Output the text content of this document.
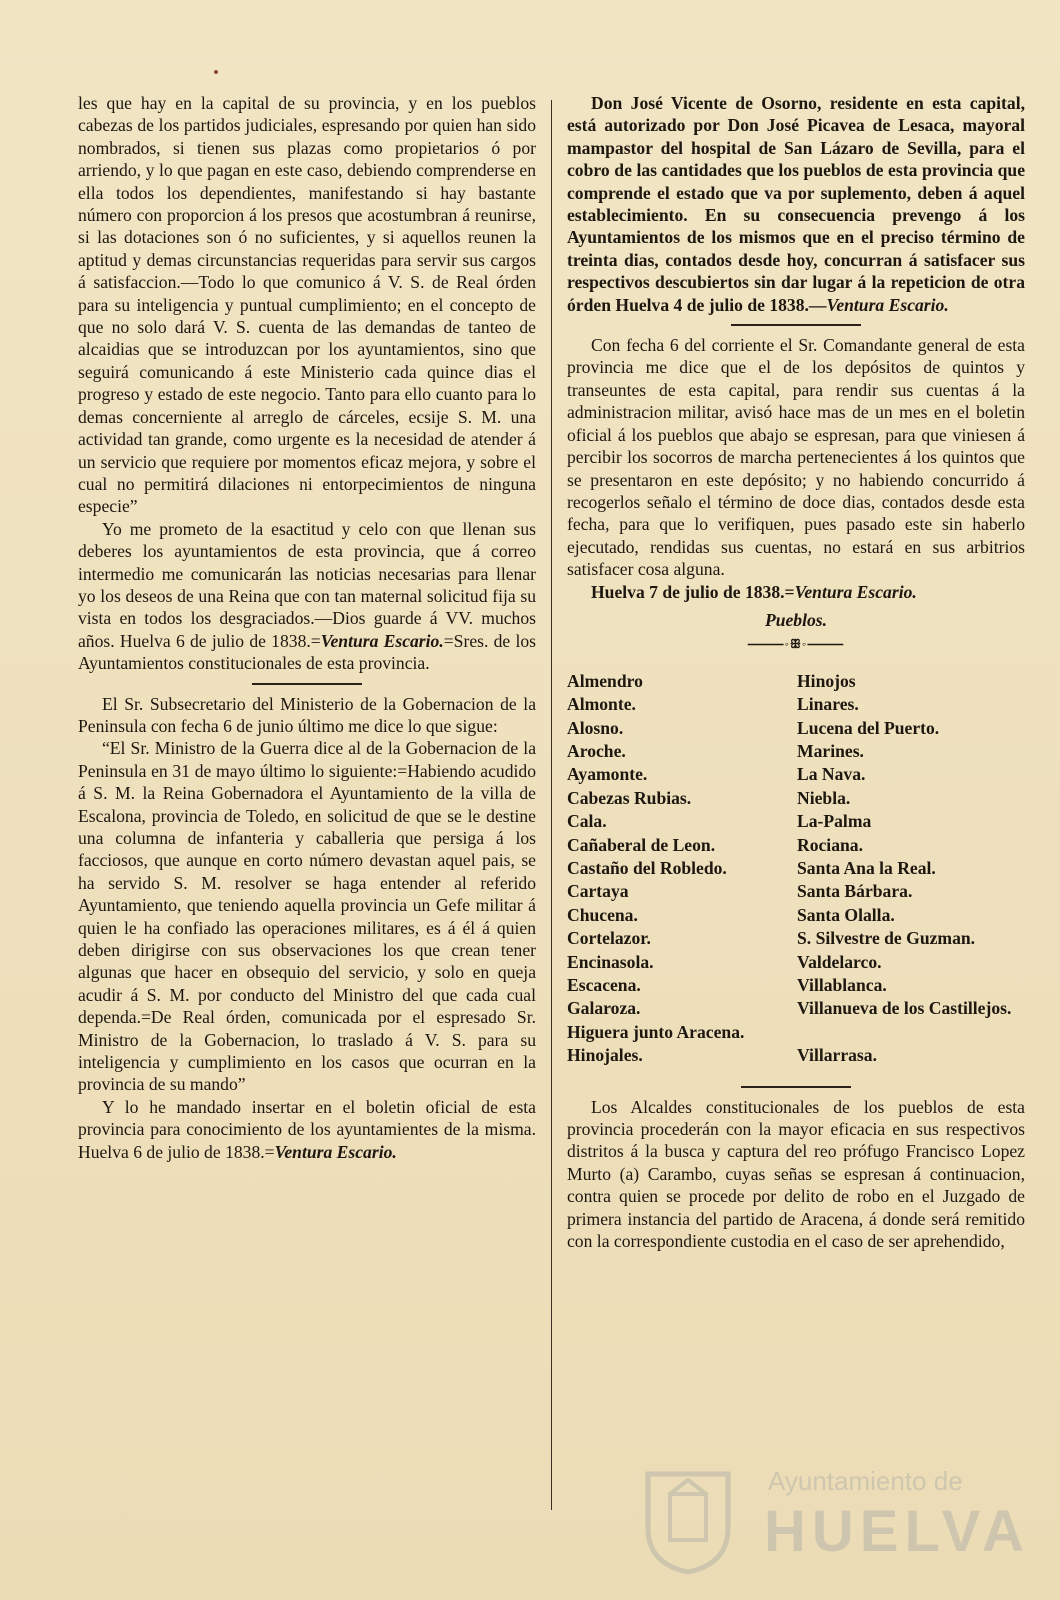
les que hay en la capital de su provincia, y en los pueblos cabezas de los partidos judiciales, espresando por quien han sido nombrados, si tienen sus plazas como propietarios ó por arriendo, y lo que pagan en este caso, debiendo comprenderse en ella todos los dependientes, manifestando si hay bastante número con proporcion á los presos que acostumbran á reunirse, si las dotaciones son ó no suficientes, y si aquellos reunen la aptitud y demas circunstancias requeridas para servir sus cargos á satisfaccion.—Todo lo que comunico á V. S. de Real órden para su inteligencia y puntual cumplimiento; en el concepto de que no solo dará V. S. cuenta de las demandas de tanteo de alcaidias que se introduzcan por los ayuntamientos, sino que seguirá comunicando á este Ministerio cada quince dias el progreso y estado de este negocio. Tanto para ello cuanto para lo demas concerniente al arreglo de cárceles, ecsije S. M. una actividad tan grande, como urgente es la necesidad de atender á un servicio que requiere por momentos eficaz mejora, y sobre el cual no permitirá dilaciones ni entorpecimientos de ninguna especie”

Yo me prometo de la esactitud y celo con que llenan sus deberes los ayuntamientos de esta provincia, que á correo intermedio me comunicarán las noticias necesarias para llenar yo los deseos de una Reina que con tan maternal solicitud fija su vista en todos los desgraciados.—Dios guarde á VV. muchos años. Huelva 6 de julio de 1838.=Ventura Escario.=Sres. de los Ayuntamientos constitucionales de esta provincia.

El Sr. Subsecretario del Ministerio de la Gobernacion de la Peninsula con fecha 6 de junio último me dice lo que sigue:

“El Sr. Ministro de la Guerra dice al de la Gobernacion de la Peninsula en 31 de mayo último lo siguiente:=Habiendo acudido á S. M. la Reina Gobernadora el Ayuntamiento de la villa de Escalona, provincia de Toledo, en solicitud de que se le destine una columna de infanteria y caballeria que persiga á los facciosos, que aunque en corto número devastan aquel pais, se ha servido S. M. resolver se haga entender al referido Ayuntamiento, que teniendo aquella provincia un Gefe militar á quien le ha confiado las operaciones militares, es á él á quien deben dirigirse con sus observaciones los que crean tener algunas que hacer en obsequio del servicio, y solo en queja acudir á S. M. por conducto del Ministro del que cada cual dependa.=De Real órden, comunicada por el espresado Sr. Ministro de la Gobernacion, lo traslado á V. S. para su inteligencia y cumplimiento en los casos que ocurran en la provincia de su mando”

Y lo he mandado insertar en el boletin oficial de esta provincia para conocimiento de los ayuntamientes de la misma. Huelva 6 de julio de 1838.=Ventura Escario.

Don José Vicente de Osorno, residente en esta capital, está autorizado por Don José Picavea de Lesaca, mayoral mampastor del hospital de San Lázaro de Sevilla, para el cobro de las cantidades que los pueblos de esta provincia que comprende el estado que va por suplemento, deben á aquel establecimiento. En su consecuencia prevengo á los Ayuntamientos de los mismos que en el preciso término de treinta dias, contados desde hoy, concurran á satisfacer sus respectivos descubiertos sin dar lugar á la repeticion de otra órden Huelva 4 de julio de 1838.—Ventura Escario.

Con fecha 6 del corriente el Sr. Comandante general de esta provincia me dice que el de los depósitos de quintos y transeuntes de esta capital, para rendir sus cuentas á la administracion militar, avisó hace mas de un mes en el boletin oficial á los pueblos que abajo se espresan, para que viniesen á percibir los socorros de marcha pertenecientes á los quintos que se presentaron en este depósito; y no habiendo concurrido á recogerlos señalo el término de doce dias, contados desde esta fecha, para que lo verifiquen, pues pasado este sin haberlo ejecutado, rendidas sus cuentas, no estará en sus arbitrios satisfacer cosa alguna.

Huelva 7 de julio de 1838.=Ventura Escario.

Pueblos.
⸻◦ꕥ◦⸻
Almendro	Hinojos
Almonte.	Linares.
Alosno.	Lucena del Puerto.
Aroche.	Marines.
Ayamonte.	La Nava.
Cabezas Rubias.	Niebla.
Cala.	La-Palma
Cañaberal de Leon.	Rociana.
Castaño del Robledo.	Santa Ana la Real.
Cartaya	Santa Bárbara.
Chucena.	Santa Olalla.
Cortelazor.	S. Silvestre de Guzman.
Encinasola.	Valdelarco.
Escacena.	Villablanca.
Galaroza.	Villanueva de los Castillejos.
Higuera junto Aracena.
Hinojales.	Villarrasa.

Los Alcaldes constitucionales de los pueblos de esta provincia procederán con la mayor eficacia en sus respectivos distritos á la busca y captura del reo prófugo Francisco Lopez Murto (a) Carambo, cuyas señas se espresan á continuacion, contra quien se procede por delito de robo en el Juzgado de primera instancia del partido de Aracena, á donde será remitido con la correspondiente custodia en el caso de ser aprehendido,

Ayuntamiento de
HUELVA
